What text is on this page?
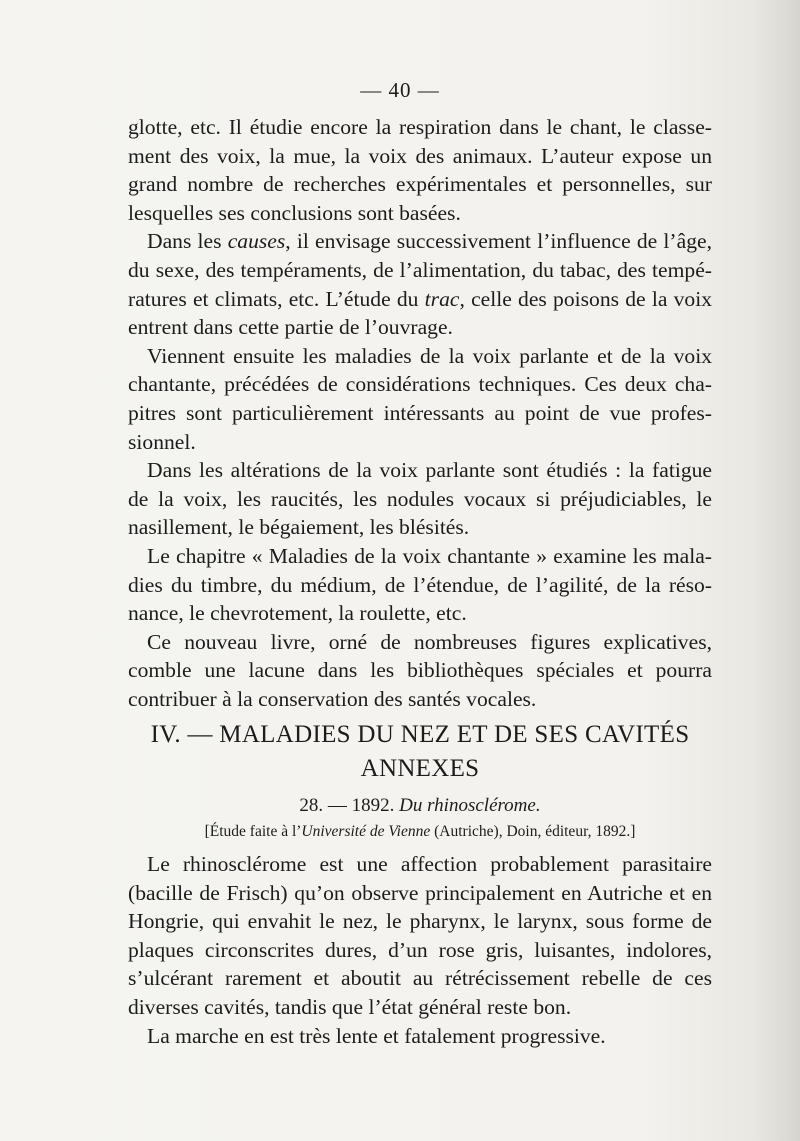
— 40 —

glotte, etc. Il étudie encore la respiration dans le chant, le classe- ment des voix, la mue, la voix des animaux. L’auteur expose un grand nombre de recherches expérimentales et personnelles, sur lesquelles ses conclusions sont basées.

Dans les causes, il envisage successivement l’influence de l’âge, du sexe, des tempéraments, de l’alimentation, du tabac, des tempé-ratures et climats, etc. L’étude du trac, celle des poisons de la voix entrent dans cette partie de l’ouvrage.

Viennent ensuite les maladies de la voix parlante et de la voix chantante, précédées de considérations techniques. Ces deux cha-pitres sont particulièrement intéressants au point de vue profes-sionnel.

Dans les altérations de la voix parlante sont étudiés : la fatigue de la voix, les raucités, les nodules vocaux si préjudiciables, le nasillement, le bégaiement, les blésités.

Le chapitre « Maladies de la voix chantante » examine les mala-dies du timbre, du médium, de l’étendue, de l’agilité, de la réso-nance, le chevrotement, la roulette, etc.

Ce nouveau livre, orné de nombreuses figures explicatives, comble une lacune dans les bibliothèques spéciales et pourra contribuer à la conservation des santés vocales.

IV. — MALADIES DU NEZ ET DE SES CAVITÉS
ANNEXES
28. — 1892. Du rhinosclérome.
[Étude faite à l’Université de Vienne (Autriche), Doin, éditeur, 1892.]

Le rhinosclérome est une affection probablement parasitaire (bacille de Frisch) qu’on observe principalement en Autriche et en Hongrie, qui envahit le nez, le pharynx, le larynx, sous forme de plaques circonscrites dures, d’un rose gris, luisantes, indolores, s’ulcérant rarement et aboutit au rétrécissement rebelle de ces diverses cavités, tandis que l’état général reste bon.

La marche en est très lente et fatalement progressive.
